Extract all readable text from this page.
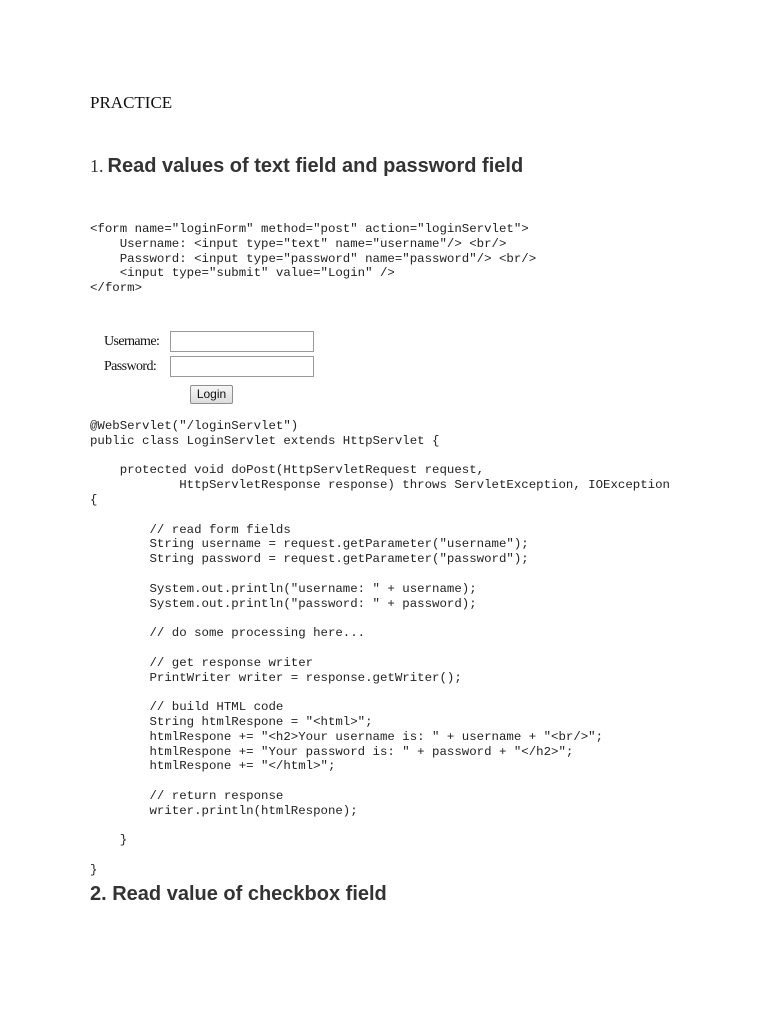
PRACTICE
1. Read values of text field and password field
<form name="loginForm" method="post" action="loginServlet">
Username: <input type="text" name="username"/> <br/>
Password: <input type="password" name="password"/> <br/>
<input type="submit" value="Login" />
</form>
Username:
Password:
Login
@WebServlet("/loginServlet")
public class LoginServlet extends HttpServlet {

protected void doPost(HttpServletRequest request,
HttpServletResponse response) throws ServletException, IOException
{

// read form fields
String username = request.getParameter("username");
String password = request.getParameter("password");

System.out.println("username: " + username);
System.out.println("password: " + password);

// do some processing here...

// get response writer
PrintWriter writer = response.getWriter();

// build HTML code
String htmlRespone = "<html>";
htmlRespone += "<h2>Your username is: " + username + "<br/>";
htmlRespone += "Your password is: " + password + "</h2>";
htmlRespone += "</html>";

// return response
writer.println(htmlRespone);

}

}
2. Read value of checkbox field
